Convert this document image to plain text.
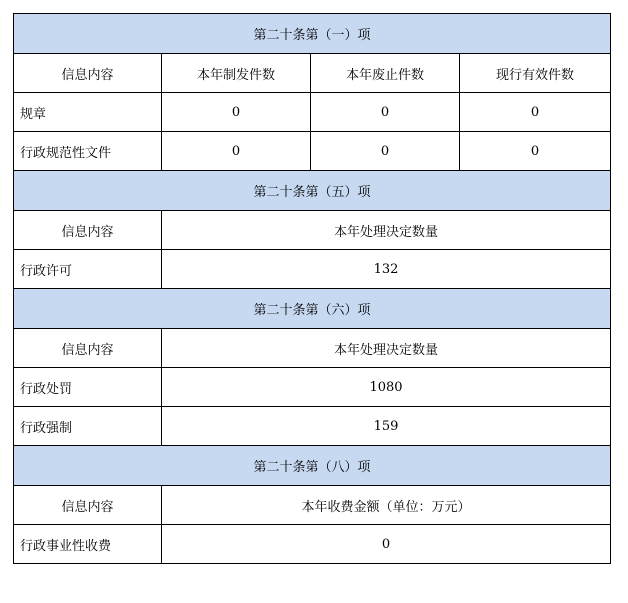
第二十条第（一）项			
信息内容	本年制发件数	本年废止件数	现行有效件数
规章	0	0	0
行政规范性文件	0	0	0
第二十条第（五）项			
信息内容	本年处理决定数量		
行政许可	132		
第二十条第（六）项			
信息内容	本年处理决定数量		
行政处罚	1080		
行政强制	159		
第二十条第（八）项			
信息内容	本年收费金额（单位：万元）		
行政事业性收费	0		
